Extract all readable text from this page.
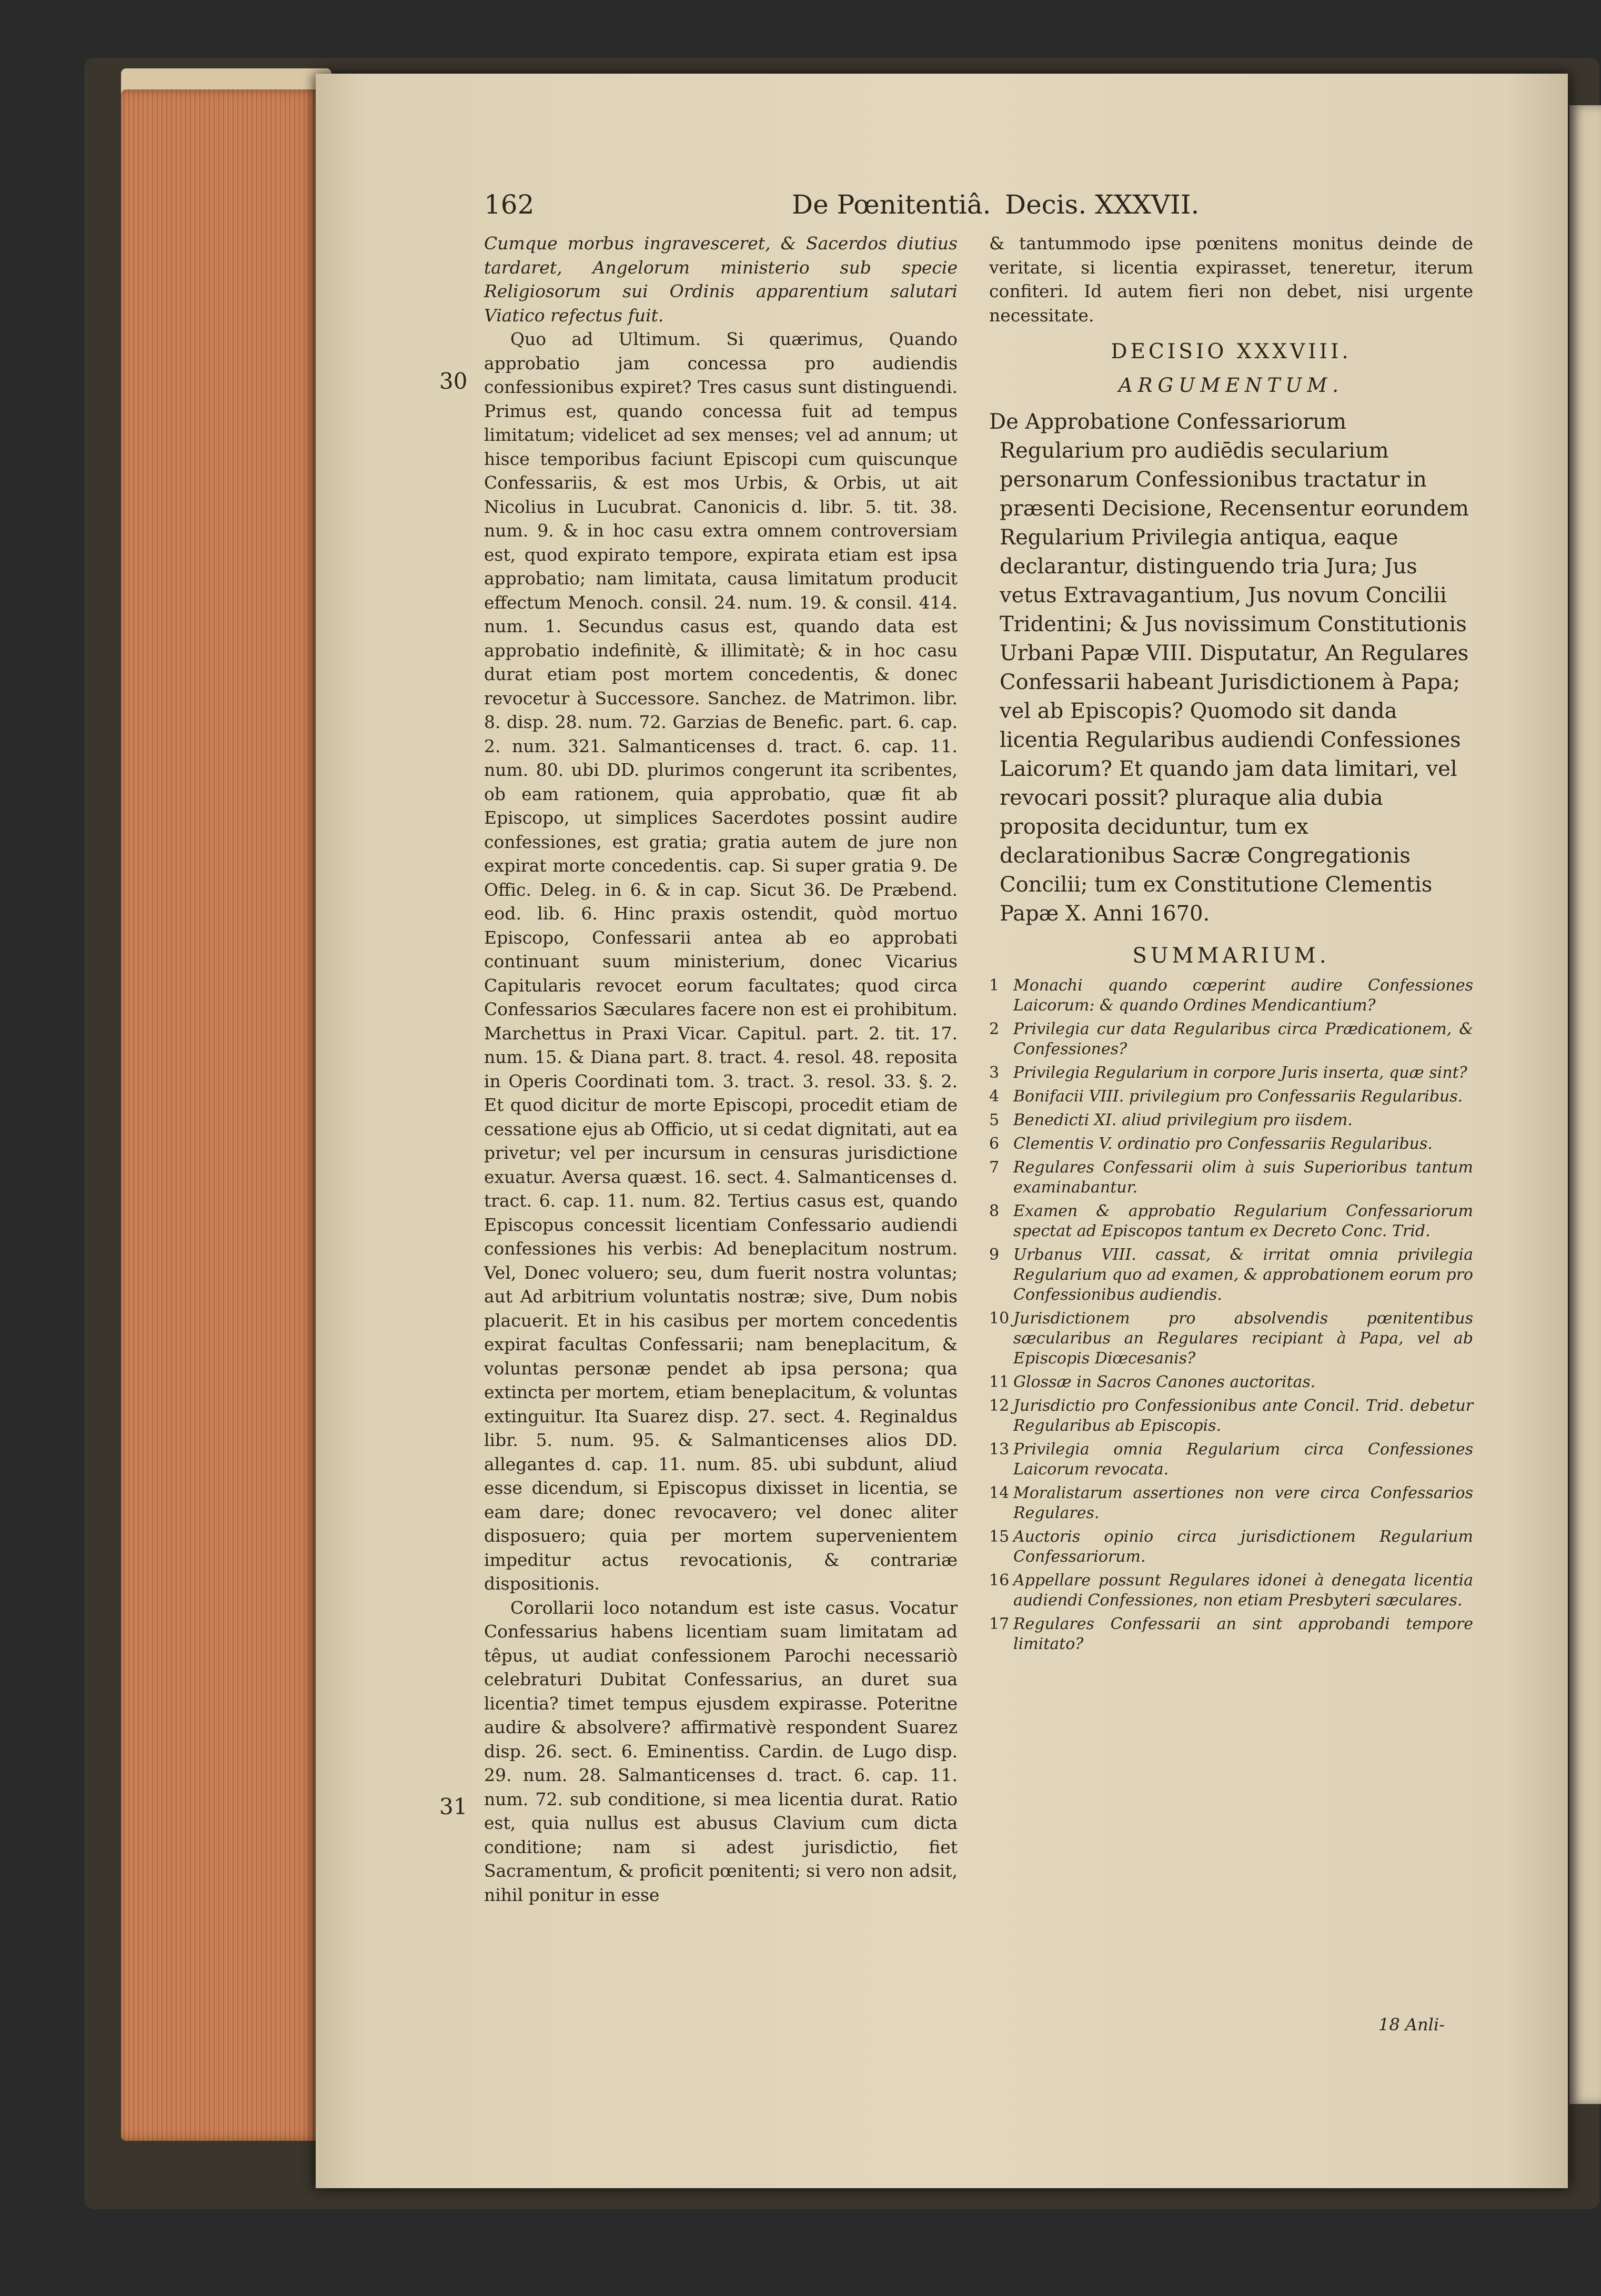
162	De Pœnitentiâ. Decis. XXXVII.
30
31

Cumque morbus ingravesceret, & Sacerdos diutius tardaret, Angelorum ministerio sub specie Religiosorum sui Ordinis apparentium salutari Viatico refectus fuit.

Quo ad Ultimum. Si quærimus, Quando approbatio jam concessa pro audiendis confessionibus expiret? Tres casus sunt distinguendi. Primus est, quando concessa fuit ad tempus limitatum; videlicet ad sex menses; vel ad annum; ut hisce temporibus faciunt Episcopi cum quiscunque Confessariis, & est mos Urbis, & Orbis, ut ait Nicolius in Lucubrat. Canonicis d. libr. 5. tit. 38. num. 9. & in hoc casu extra omnem controversiam est, quod expirato tempore, expirata etiam est ipsa approbatio; nam limitata, causa limitatum producit effectum Menoch. consil. 24. num. 19. & consil. 414. num. 1. Secundus casus est, quando data est approbatio indefinitè, & illimitatè; & in hoc casu durat etiam post mortem concedentis, & donec revocetur à Successore. Sanchez. de Matrimon. libr. 8. disp. 28. num. 72. Garzias de Benefic. part. 6. cap. 2. num. 321. Salmanticenses d. tract. 6. cap. 11. num. 80. ubi DD. plurimos congerunt ita scribentes, ob eam rationem, quia approbatio, quæ fit ab Episcopo, ut simplices Sacerdotes possint audire confessiones, est gratia; gratia autem de jure non expirat morte concedentis. cap. Si super gratia 9. De Offic. Deleg. in 6. & in cap. Sicut 36. De Præbend. eod. lib. 6. Hinc praxis ostendit, quòd mortuo Episcopo, Confessarii antea ab eo approbati continuant suum ministerium, donec Vicarius Capitularis revocet eorum facultates; quod circa Confessarios Sæculares facere non est ei prohibitum. Marchettus in Praxi Vicar. Capitul. part. 2. tit. 17. num. 15. & Diana part. 8. tract. 4. resol. 48. reposita in Operis Coordinati tom. 3. tract. 3. resol. 33. §. 2. Et quod dicitur de morte Episcopi, procedit etiam de cessatione ejus ab Officio, ut si cedat dignitati, aut ea privetur; vel per incursum in censuras jurisdictione exuatur. Aversa quæst. 16. sect. 4. Salmanticenses d. tract. 6. cap. 11. num. 82. Tertius casus est, quando Episcopus concessit licentiam Confessario audiendi confessiones his verbis: Ad beneplacitum nostrum. Vel, Donec voluero; seu, dum fuerit nostra voluntas; aut Ad arbitrium voluntatis nostræ; sive, Dum nobis placuerit. Et in his casibus per mortem concedentis expirat facultas Confessarii; nam beneplacitum, & voluntas personæ pendet ab ipsa persona; qua extincta per mortem, etiam beneplacitum, & voluntas extinguitur. Ita Suarez disp. 27. sect. 4. Reginaldus libr. 5. num. 95. & Salmanticenses alios DD. allegantes d. cap. 11. num. 85. ubi subdunt, aliud esse dicendum, si Episcopus dixisset in licentia, se eam dare; donec revocavero; vel donec aliter disposuero; quia per mortem supervenientem impeditur actus revocationis, & contrariæ dispositionis.

Corollarii loco notandum est iste casus. Vocatur Confessarius habens licentiam suam limitatam ad têpus, ut audiat confessionem Parochi necessariò celebraturi Dubitat Confessarius, an duret sua licentia? timet tempus ejusdem expirasse. Poteritne audire & absolvere? affirmativè respondent Suarez disp. 26. sect. 6. Eminentiss. Cardin. de Lugo disp. 29. num. 28. Salmanticenses d. tract. 6. cap. 11. num. 72. sub conditione, si mea licentia durat. Ratio est, quia nullus est abusus Clavium cum dicta conditione; nam si adest jurisdictio, fiet Sacramentum, & proficit pœnitenti; si vero non adsit, nihil ponitur in esse

& tantummodo ipse pœnitens monitus deinde de veritate, si licentia expirasset, teneretur, iterum confiteri. Id autem fieri non debet, nisi urgente necessitate.

DECISIO XXXVIII.

ARGUMENTUM.

De Approbatione Confessariorum Regularium pro audiēdis secularium personarum Confessionibus tractatur in præsenti Decisione, Recensentur eorundem Regularium Privilegia antiqua, eaque declarantur, distinguendo tria Jura; Jus vetus Extravagantium, Jus novum Concilii Tridentini; & Jus novissimum Constitutionis Urbani Papæ VIII. Disputatur, An Regulares Confessarii habeant Jurisdictionem à Papa; vel ab Episcopis? Quomodo sit danda licentia Regularibus audiendi Confessiones Laicorum? Et quando jam data limitari, vel revocari possit? pluraque alia dubia proposita deciduntur, tum ex declarationibus Sacræ Congregationis Concilii; tum ex Constitutione Clementis Papæ X. Anni 1670.

SUMMARIUM.

1 Monachi quando cœperint audire Confessiones Laicorum: & quando Ordines Mendicantium?
2 Privilegia cur data Regularibus circa Prædicationem, & Confessiones?
3 Privilegia Regularium in corpore Juris inserta, quæ sint?
4 Bonifacii VIII. privilegium pro Confessariis Regularibus.
5 Benedicti XI. aliud privilegium pro iisdem.
6 Clementis V. ordinatio pro Confessariis Regularibus.
7 Regulares Confessarii olim à suis Superioribus tantum examinabantur.
8 Examen & approbatio Regularium Confessariorum spectat ad Episcopos tantum ex Decreto Conc. Trid.
9 Urbanus VIII. cassat, & irritat omnia privilegia Regularium quo ad examen, & approbationem eorum pro Confessionibus audiendis.
10 Jurisdictionem pro absolvendis pœnitentibus sæcularibus an Regulares recipiant à Papa, vel ab Episcopis Diœcesanis?
11 Glossæ in Sacros Canones auctoritas.
12 Jurisdictio pro Confessionibus ante Concil. Trid. debetur Regularibus ab Episcopis.
13 Privilegia omnia Regularium circa Confessiones Laicorum revocata.
14 Moralistarum assertiones non vere circa Confessarios Regulares.
15 Auctoris opinio circa jurisdictionem Regularium Confessariorum.
16 Appellare possunt Regulares idonei à denegata licentia audiendi Confessiones, non etiam Presbyteri sæculares.
17 Regulares Confessarii an sint approbandi tempore limitato?
18 Anli-
